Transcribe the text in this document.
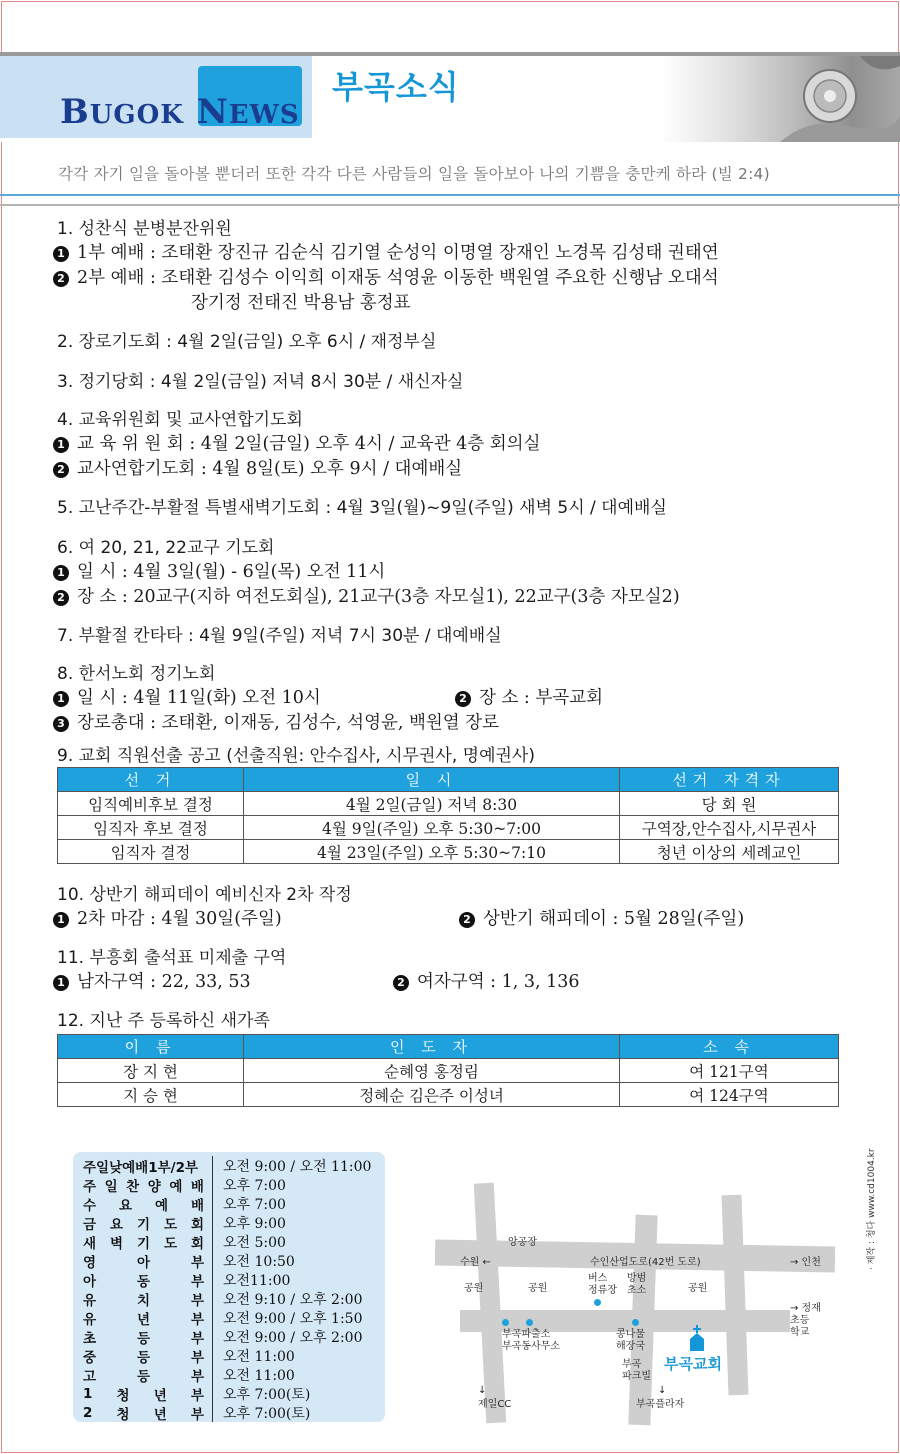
BUGOK NEWS
부곡소식
각각 자기 일을 돌아볼 뿐더러 또한 각각 다른 사람들의 일을 돌아보아 나의 기쁨을 충만케 하라 (빌 2:4)
1. 성찬식 분병분잔위원
1 1부 예배 : 조태환 장진규 김순식 김기열 순성익 이명열 장재인 노경목 김성태 권태연
2 2부 예배 : 조태환 김성수 이익희 이재동 석영윤 이동한 백원열 주요한 신행남 오대석
장기정 전태진 박용남 홍정표
2. 장로기도회 : 4월 2일(금일) 오후 6시 / 재정부실
3. 정기당회 : 4월 2일(금일) 저녁 8시 30분 / 새신자실
4. 교육위원회 및 교사연합기도회
1 교 육 위 원 회 : 4월 2일(금일) 오후 4시 / 교육관 4층 회의실
2 교사연합기도회 : 4월 8일(토) 오후 9시 / 대예배실
5. 고난주간-부활절 특별새벽기도회 : 4월 3일(월)~9일(주일) 새벽 5시 / 대예배실
6. 여 20, 21, 22교구 기도회
1 일 시 : 4월 3일(월) - 6일(목) 오전 11시
2 장 소 : 20교구(지하 여전도회실), 21교구(3층 자모실1), 22교구(3층 자모실2)
7. 부활절 칸타타 : 4월 9일(주일) 저녁 7시 30분 / 대예배실
8. 한서노회 정기노회
1 일 시 : 4월 11일(화) 오전 10시	2 장 소 : 부곡교회
3 장로총대 : 조태환, 이재동, 김성수, 석영윤, 백원열 장로
9. 교회 직원선출 공고 (선출직원: 안수집사, 시무권사, 명예권사)
선 거	일 시	선거 자격자
임직예비후보 결정	4월 2일(금일) 저녁 8:30	당 회 원
임직자 후보 결정	4월 9일(주일) 오후 5:30~7:00	구역장,안수집사,시무권사
임직자 결정	4월 23일(주일) 오후 5:30~7:10	청년 이상의 세례교인
10. 상반기 해피데이 예비신자 2차 작정
1 2차 마감 : 4월 30일(주일)	2 상반기 해피데이 : 5월 28일(주일)
11. 부흥회 출석표 미제출 구역
1 남자구역 : 22, 33, 53	2 여자구역 : 1, 3, 136
12. 지난 주 등록하신 새가족
이 름	인 도 자	소 속
장 지 현	순혜영 홍정림	여 121구역
지 승 현	정혜순 김은주 이성녀	여 124구역
주일낮예배1부/2부	오전 9:00 / 오전 11:00
주 일 찬 양 예 배	오후 7:00
수 요 예 배	오후 7:00
금 요 기 도 회	오후 9:00
새 벽 기 도 회	오전 5:00
영	아	부	오전 10:50
아	동	부	오전11:00
유	치	부	오전 9:10 / 오후 2:00
유	년	부	오전 9:00 / 오후 1:50
초	등	부	오전 9:00 / 오후 2:00
중	등	부	오전 11:00
고	등	부	오전 11:00
1 청 년 부	오후 7:00(토)
2 청 년 부	오후 7:00(토)
앙공장
수원 ←	수인산업도로(42번 도로)	→ 인천
공원	공원
버스
정류장
방범
초소	공원
→ 정재
초등
학교
부곡파출소
부곡동사무소
콩나물
해장국
부곡
파크빌
부곡교회
↓
제일CC
↓
부곡플라자
· 제작 : 청다 www.cd1004.kr
